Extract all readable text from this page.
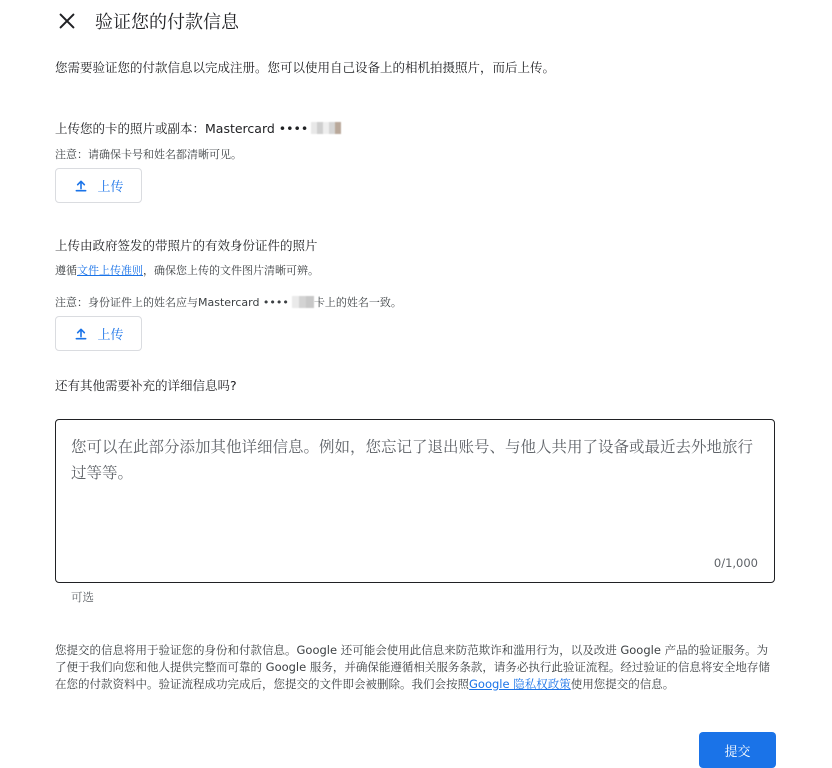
验证您的付款信息
您需要验证您的付款信息以完成注册。您可以使用自己设备上的相机拍摄照片，而后上传。
上传您的卡的照片或副本：Mastercard ••••
注意：请确保卡号和姓名都清晰可见。
上传
上传由政府签发的带照片的有效身份证件的照片
遵循 文件上传准则 ，确保您上传的文件图片清晰可辨。
注意：身份证件上的姓名应与Mastercard •••• 卡上的姓名一致。
上传
还有其他需要补充的详细信息吗?
您可以在此部分添加其他详细信息。例如，您忘记了退出账号、与他人共用了设备或最近去外地旅行过等等。
0/1,000
可选
您提交的信息将用于验证您的身份和付款信息。Google 还可能会使用此信息来防范欺诈和滥用行为，以及改进 Google 产品的验证服务。为了便于我们向您和他人提供完整而可靠的 Google 服务，并确保能遵循相关服务条款，请务必执行此验证流程。经过验证的信息将安全地存储在您的付款资料中。验证流程成功完成后，您提交的文件即会被删除。我们会按照Google 隐私权政策使用您提交的信息。
提交
